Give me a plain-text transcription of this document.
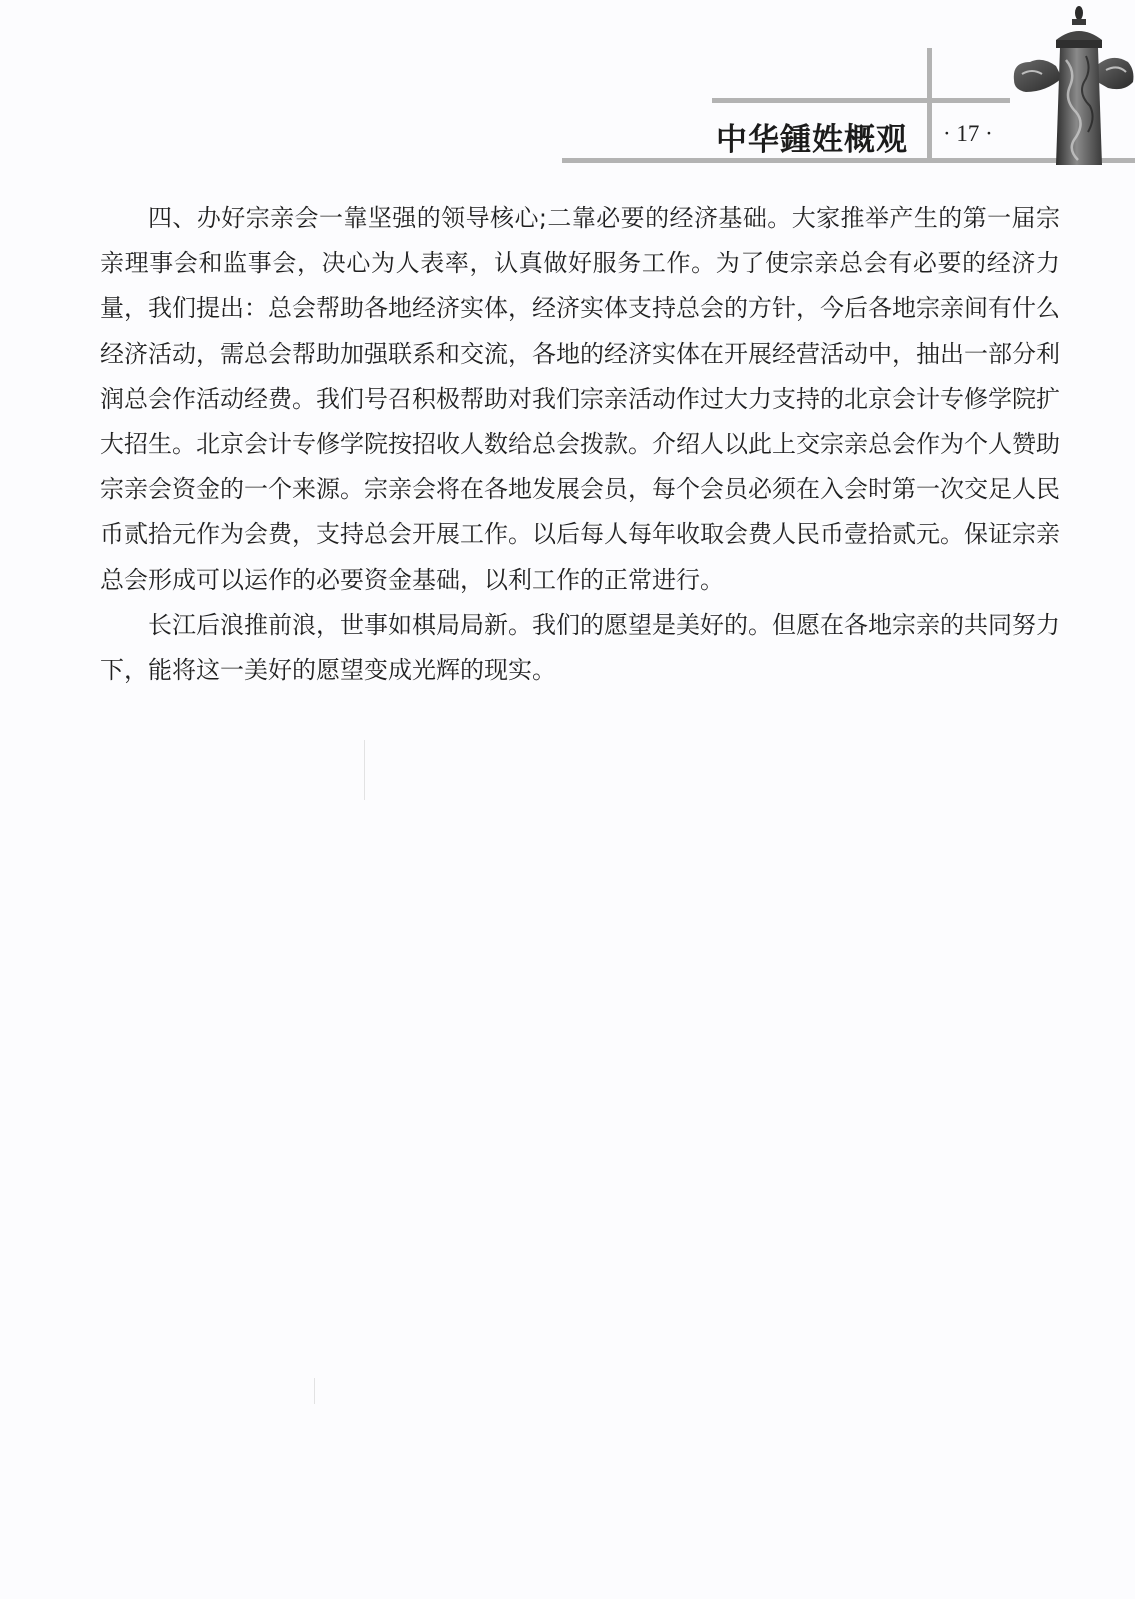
中华鍾姓概观 · 17 ·

四、办好宗亲会一靠坚强的领导核心;二靠必要的经济基础。大家推举产生的第一届宗亲理事会和监事会，决心为人表率，认真做好服务工作。为了使宗亲总会有必要的经济力量，我们提出：总会帮助各地经济实体，经济实体支持总会的方针，今后各地宗亲间有什么经济活动，需总会帮助加强联系和交流，各地的经济实体在开展经营活动中，抽出一部分利润总会作活动经费。我们号召积极帮助对我们宗亲活动作过大力支持的北京会计专修学院扩大招生。北京会计专修学院按招收人数给总会拨款。介绍人以此上交宗亲总会作为个人赞助宗亲会资金的一个来源。宗亲会将在各地发展会员，每个会员必须在入会时第一次交足人民币贰拾元作为会费，支持总会开展工作。以后每人每年收取会费人民币壹拾贰元。保证宗亲总会形成可以运作的必要资金基础，以利工作的正常进行。

长江后浪推前浪，世事如棋局局新。我们的愿望是美好的。但愿在各地宗亲的共同努力下，能将这一美好的愿望变成光辉的现实。
